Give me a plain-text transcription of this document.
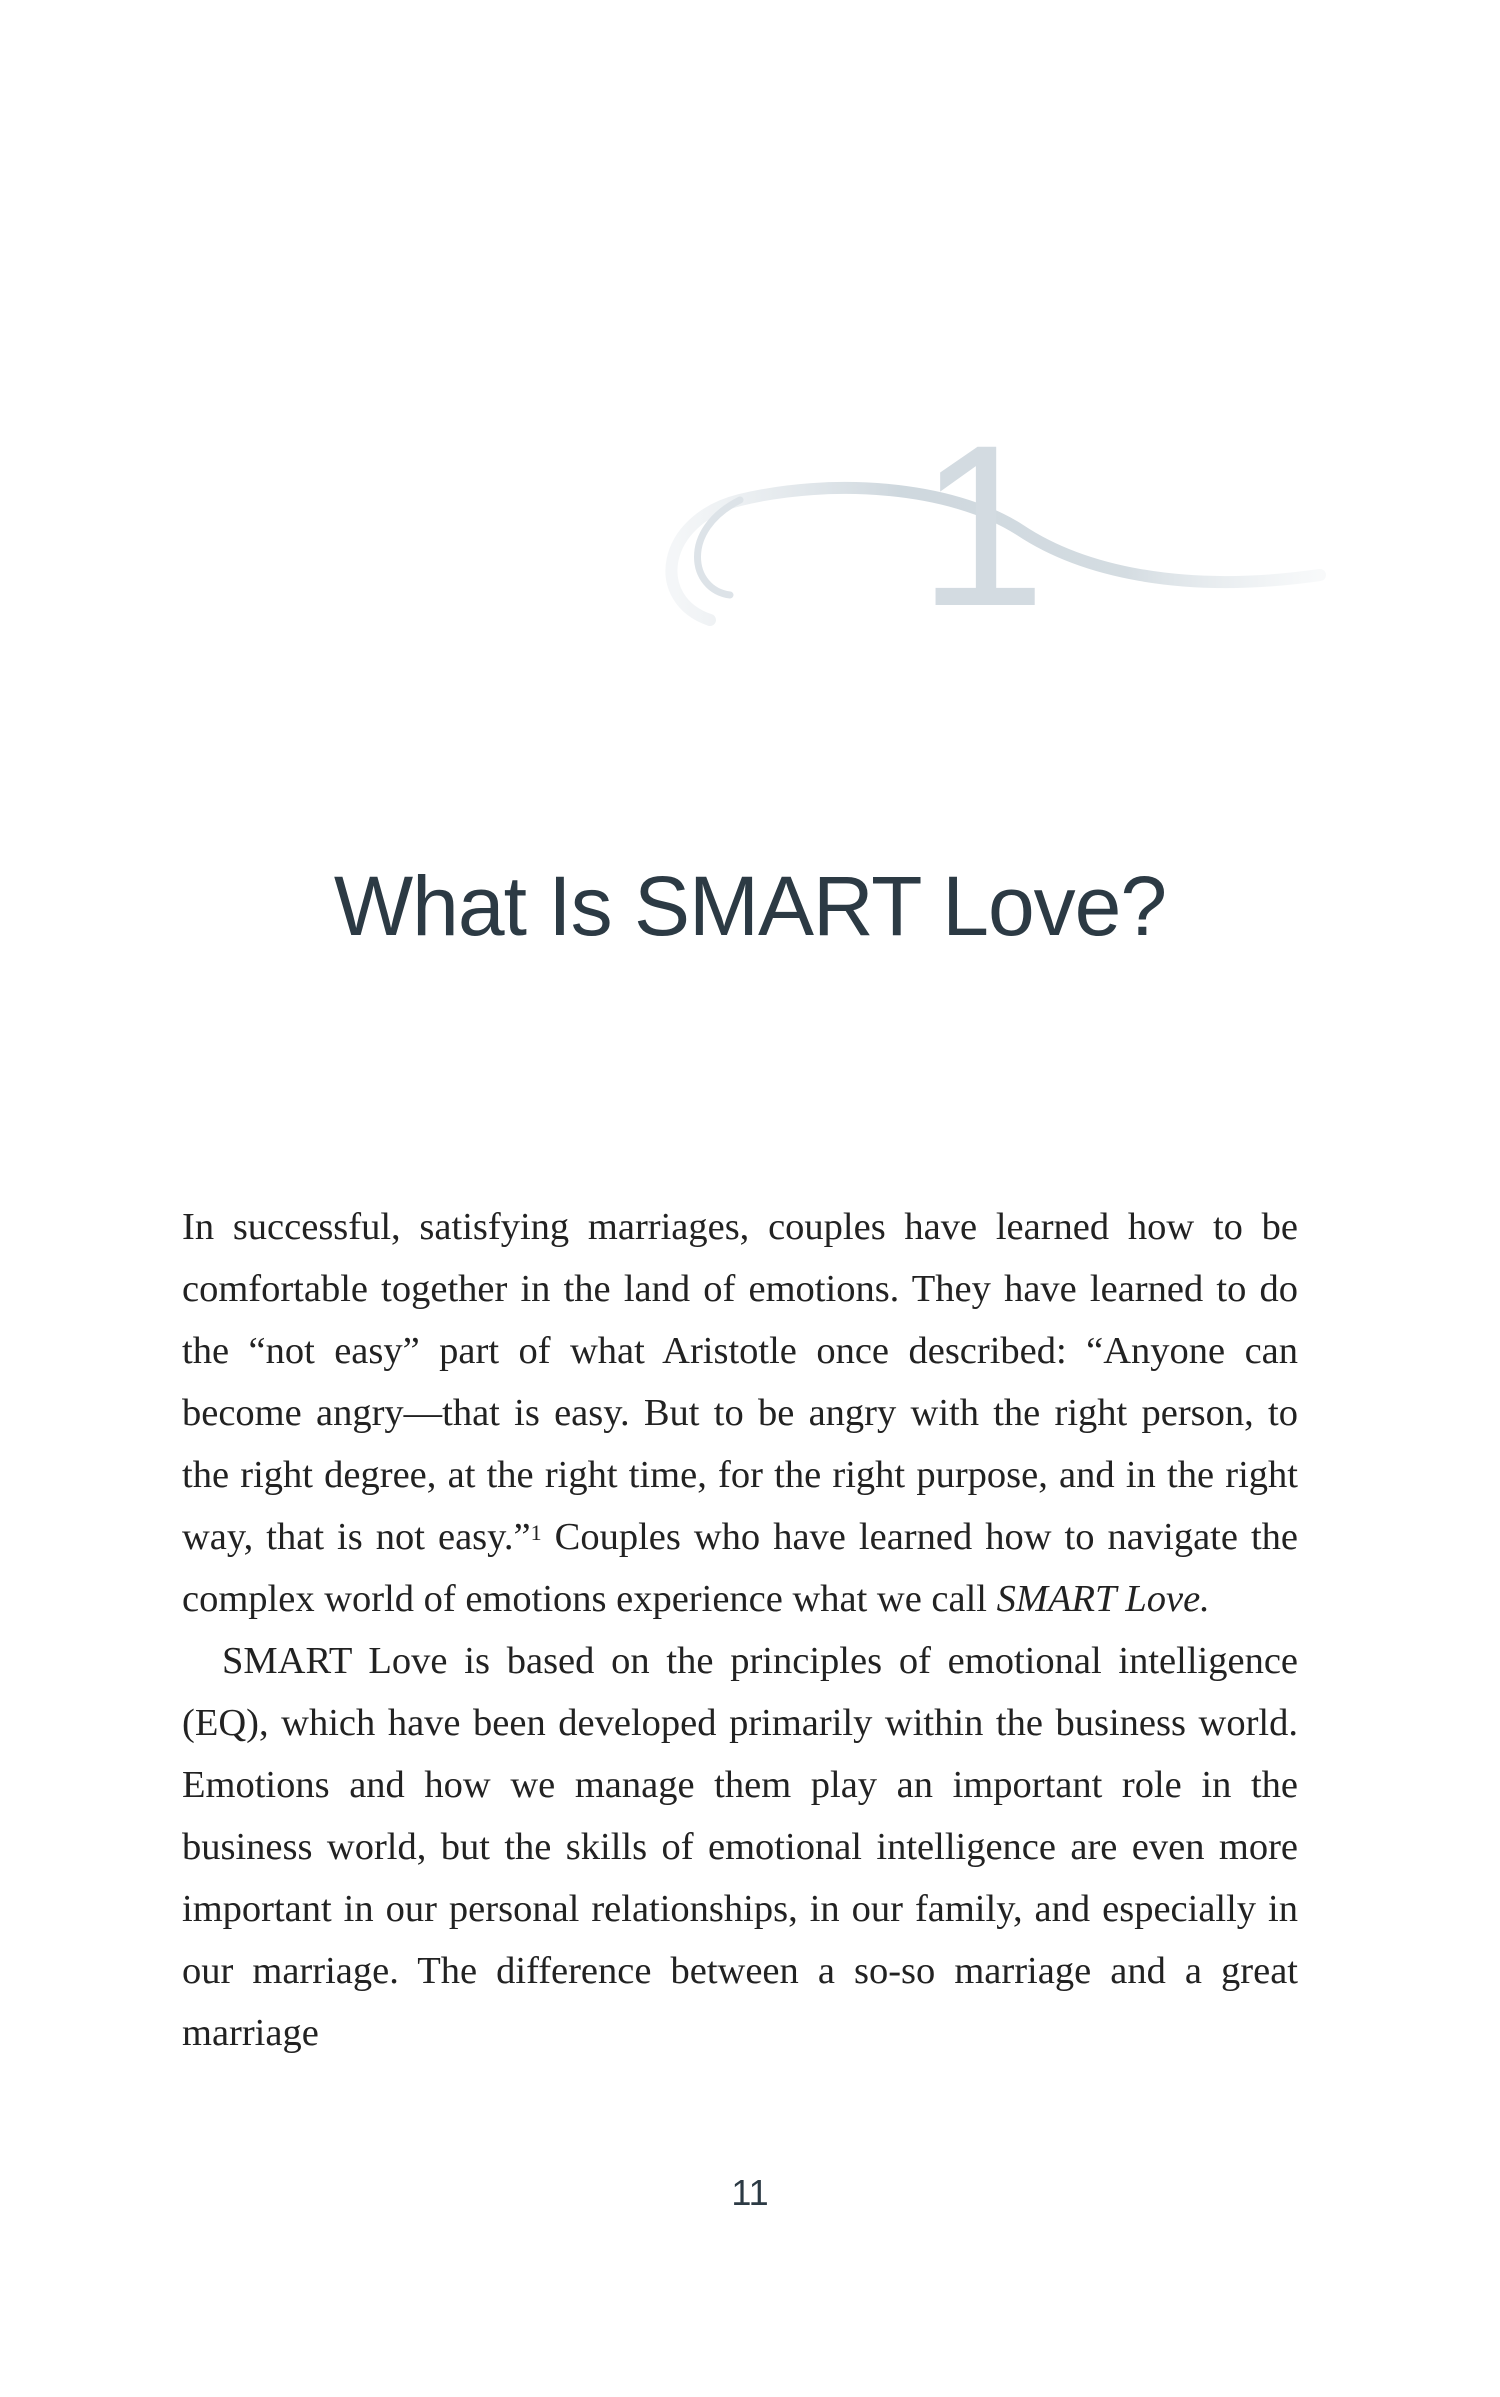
1
What Is SMART Love?

In successful, satisfying marriages, couples have learned how to be comfortable together in the land of emotions. They have learned to do the “not easy” part of what Aristotle once described: “Anyone can become angry—that is easy. But to be angry with the right person, to the right degree, at the right time, for the right purpose, and in the right way, that is not easy.”$^1$ Couples who have learned how to navigate the complex world of emotions experience what we call SMART Love.

SMART Love is based on the principles of emotional intelligence (EQ), which have been developed primarily within the business world. Emotions and how we manage them play an important role in the business world, but the skills of emotional intelligence are even more important in our personal relationships, in our family, and especially in our marriage. The difference between a so-so marriage and a great marriage

11
